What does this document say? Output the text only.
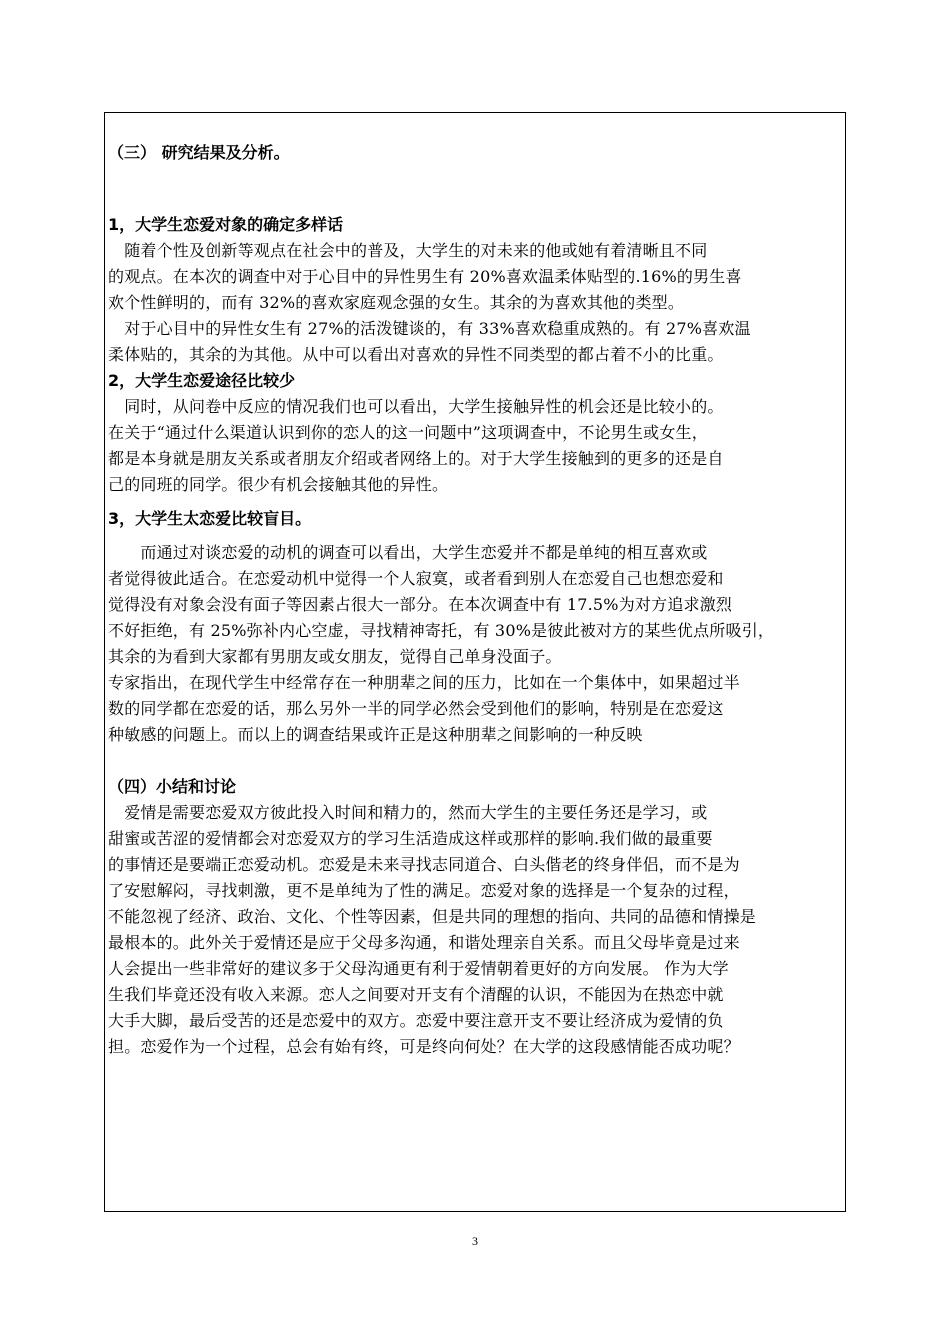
（三） 研究结果及分析。
1，大学生恋爱对象的确定多样话
　随着个性及创新等观点在社会中的普及，大学生的对未来的他或她有着清晰且不同
的观点。在本次的调查中对于心目中的异性男生有 20%喜欢温柔体贴型的.16%的男生喜
欢个性鲜明的，而有 32%的喜欢家庭观念强的女生。其余的为喜欢其他的类型。
　对于心目中的异性女生有 27%的活泼键谈的，有 33%喜欢稳重成熟的。有 27%喜欢温
柔体贴的，其余的为其他。从中可以看出对喜欢的异性不同类型的都占着不小的比重。
2，大学生恋爱途径比较少
　同时，从问卷中反应的情况我们也可以看出，大学生接触异性的机会还是比较小的。
在关于“通过什么渠道认识到你的恋人的这一问题中”这项调查中，不论男生或女生，
都是本身就是朋友关系或者朋友介绍或者网络上的。对于大学生接触到的更多的还是自
己的同班的同学。很少有机会接触其他的异性。
3，大学生太恋爱比较盲目。
　　而通过对谈恋爱的动机的调查可以看出，大学生恋爱并不都是单纯的相互喜欢或
者觉得彼此适合。在恋爱动机中觉得一个人寂寞，或者看到别人在恋爱自己也想恋爱和
觉得没有对象会没有面子等因素占很大一部分。在本次调查中有 17.5%为对方追求激烈
不好拒绝，有 25%弥补内心空虚，寻找精神寄托，有 30%是彼此被对方的某些优点所吸引，
其余的为看到大家都有男朋友或女朋友，觉得自己单身没面子。
专家指出，在现代学生中经常存在一种朋辈之间的压力，比如在一个集体中，如果超过半
数的同学都在恋爱的话，那么另外一半的同学必然会受到他们的影响，特别是在恋爱这
种敏感的问题上。而以上的调查结果或许正是这种朋辈之间影响的一种反映
（四）小结和讨论
　爱情是需要恋爱双方彼此投入时间和精力的，然而大学生的主要任务还是学习，或
甜蜜或苦涩的爱情都会对恋爱双方的学习生活造成这样或那样的影响.我们做的最重要
的事情还是要端正恋爱动机。恋爱是未来寻找志同道合、白头偕老的终身伴侣，而不是为
了安慰解闷，寻找刺激，更不是单纯为了性的满足。恋爱对象的选择是一个复杂的过程，
不能忽视了经济、政治、文化、个性等因素，但是共同的理想的指向、共同的品德和情操是
最根本的。此外关于爱情还是应于父母多沟通，和谐处理亲自关系。而且父母毕竟是过来
人会提出一些非常好的建议多于父母沟通更有利于爱情朝着更好的方向发展。 作为大学
生我们毕竟还没有收入来源。恋人之间要对开支有个清醒的认识，不能因为在热恋中就
大手大脚，最后受苦的还是恋爱中的双方。恋爱中要注意开支不要让经济成为爱情的负
担。恋爱作为一个过程，总会有始有终，可是终向何处？在大学的这段感情能否成功呢？
3
